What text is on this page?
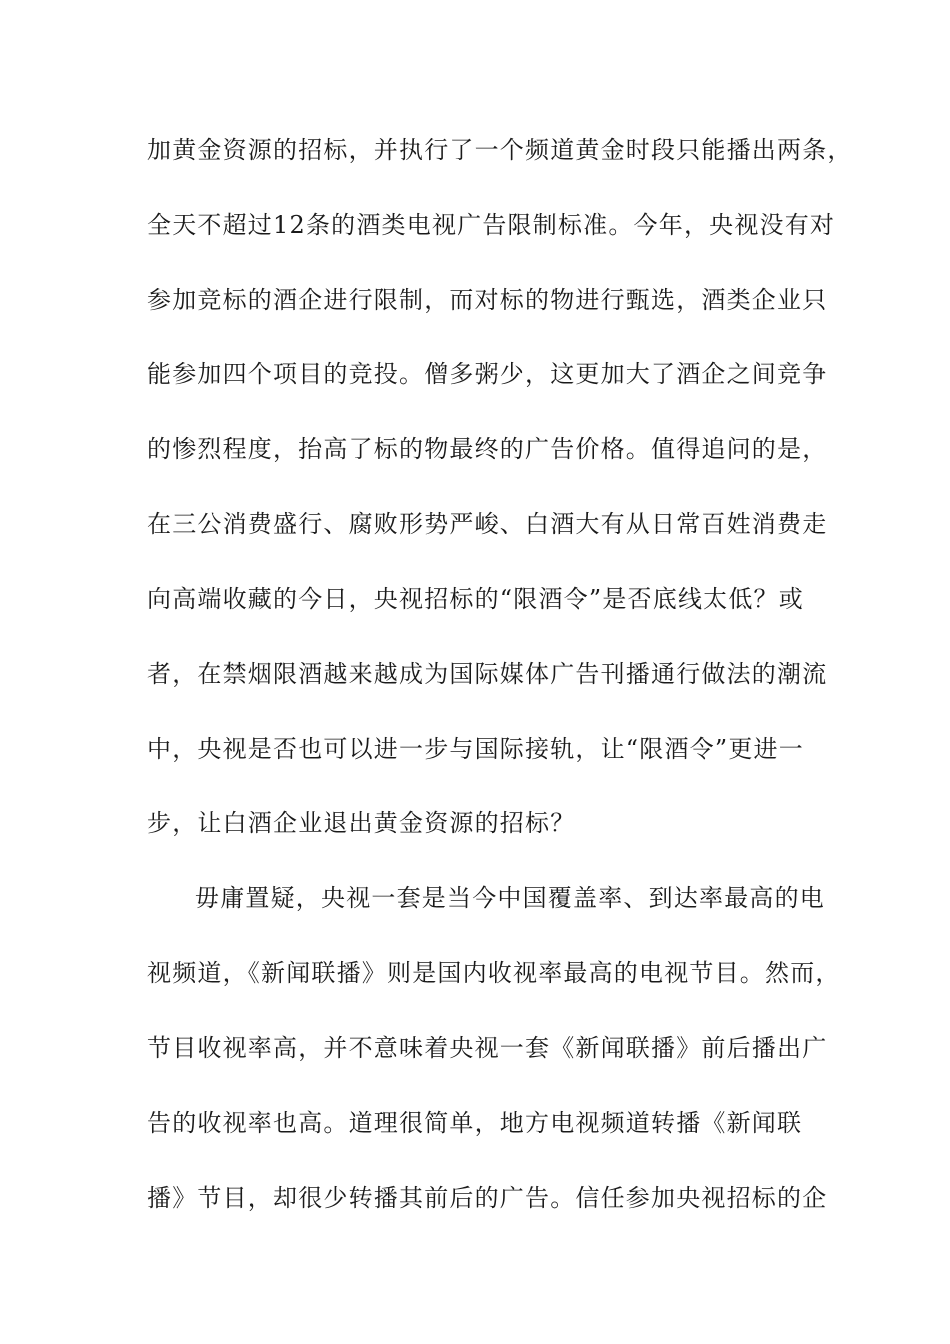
加黄金资源的招标，并执行了一个频道黄金时段只能播出两条，
全天不超过12条的酒类电视广告限制标准。今年，央视没有对
参加竞标的酒企进行限制，而对标的物进行甄选，酒类企业只
能参加四个项目的竞投。僧多粥少，这更加大了酒企之间竞争
的惨烈程度，抬高了标的物最终的广告价格。值得追问的是，
在三公消费盛行、腐败形势严峻、白酒大有从日常百姓消费走
向高端收藏的今日，央视招标的“限酒令”是否底线太低？或
者，在禁烟限酒越来越成为国际媒体广告刊播通行做法的潮流
中，央视是否也可以进一步与国际接轨，让“限酒令”更进一
步，让白酒企业退出黄金资源的招标？
毋庸置疑，央视一套是当今中国覆盖率、到达率最高的电
视频道，《新闻联播》则是国内收视率最高的电视节目。然而，
节目收视率高，并不意味着央视一套《新闻联播》前后播出广
告的收视率也高。道理很简单，地方电视频道转播《新闻联
播》节目，却很少转播其前后的广告。信任参加央视招标的企
